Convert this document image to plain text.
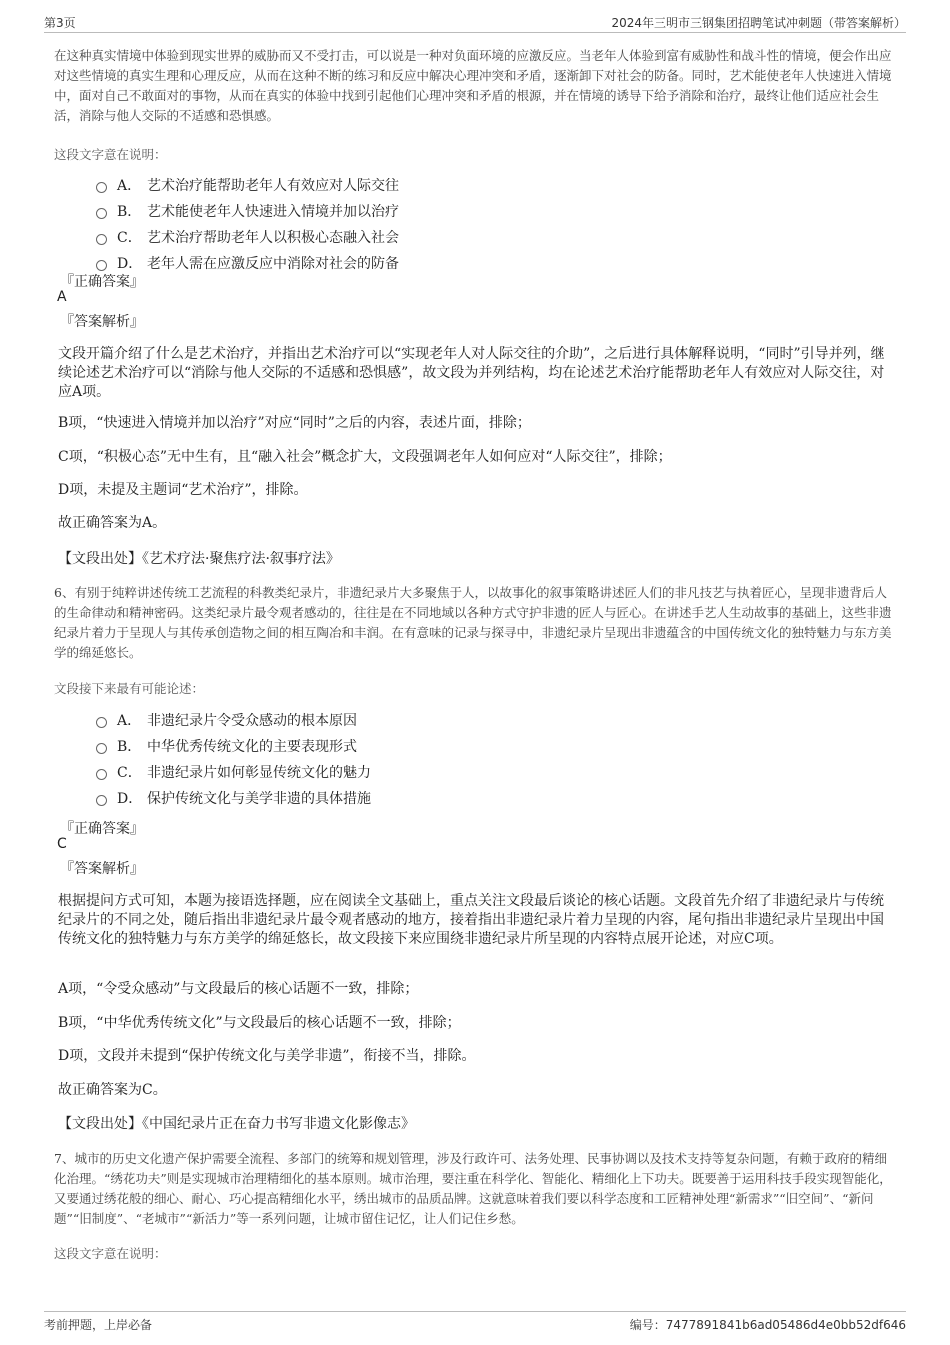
第3页	2024年三明市三钢集团招聘笔试冲刺题（带答案解析）

在这种真实情境中体验到现实世界的威胁而又不受打击，可以说是一种对负面环境的应激反应。当老年人体验到富有威胁性和战斗性的情境，便会作出应对这些情境的真实生理和心理反应，从而在这种不断的练习和反应中解决心理冲突和矛盾，逐渐卸下对社会的防备。同时，艺术能使老年人快速进入情境中，面对自己不敢面对的事物，从而在真实的体验中找到引起他们心理冲突和矛盾的根源，并在情境的诱导下给予消除和治疗，最终让他们适应社会生活，消除与他人交际的不适感和恐惧感。

这段文字意在说明：
A． 艺术治疗能帮助老年人有效应对人际交往
B． 艺术能使老年人快速进入情境并加以治疗
C． 艺术治疗帮助老年人以积极心态融入社会
D． 老年人需在应激反应中消除对社会的防备
『正确答案』
A
『答案解析』

文段开篇介绍了什么是艺术治疗，并指出艺术治疗可以“实现老年人对人际交往的介助”，之后进行具体解释说明，“同时”引导并列，继续论述艺术治疗可以“消除与他人交际的不适感和恐惧感”，故文段为并列结构，均在论述艺术治疗能帮助老年人有效应对人际交往，对应A项。

B项，“快速进入情境并加以治疗”对应“同时”之后的内容，表述片面，排除；

C项，“积极心态”无中生有，且“融入社会”概念扩大，文段强调老年人如何应对“人际交往”，排除；

D项，未提及主题词“艺术治疗”，排除。

故正确答案为A。

【文段出处】《艺术疗法·聚焦疗法·叙事疗法》

6、有别于纯粹讲述传统工艺流程的科教类纪录片，非遗纪录片大多聚焦于人，以故事化的叙事策略讲述匠人们的非凡技艺与执着匠心，呈现非遗背后人的生命律动和精神密码。这类纪录片最令观者感动的，往往是在不同地域以各种方式守护非遗的匠人与匠心。在讲述手艺人生动故事的基础上，这些非遗纪录片着力于呈现人与其传承创造物之间的相互陶冶和丰润。在有意味的记录与探寻中，非遗纪录片呈现出非遗蕴含的中国传统文化的独特魅力与东方美学的绵延悠长。

文段接下来最有可能论述：
A． 非遗纪录片令受众感动的根本原因
B． 中华优秀传统文化的主要表现形式
C． 非遗纪录片如何彰显传统文化的魅力
D． 保护传统文化与美学非遗的具体措施
『正确答案』
C
『答案解析』

根据提问方式可知，本题为接语选择题，应在阅读全文基础上，重点关注文段最后谈论的核心话题。文段首先介绍了非遗纪录片与传统纪录片的不同之处，随后指出非遗纪录片最令观者感动的地方，接着指出非遗纪录片着力呈现的内容，尾句指出非遗纪录片呈现出中国传统文化的独特魅力与东方美学的绵延悠长，故文段接下来应围绕非遗纪录片所呈现的内容特点展开论述，对应C项。

A项，“令受众感动”与文段最后的核心话题不一致，排除；

B项，“中华优秀传统文化”与文段最后的核心话题不一致，排除；

D项，文段并未提到“保护传统文化与美学非遗”，衔接不当，排除。

故正确答案为C。

【文段出处】《中国纪录片正在奋力书写非遗文化影像志》

7、城市的历史文化遗产保护需要全流程、多部门的统筹和规划管理，涉及行政许可、法务处理、民事协调以及技术支持等复杂问题，有赖于政府的精细化治理。“绣花功夫”则是实现城市治理精细化的基本原则。城市治理，要注重在科学化、智能化、精细化上下功夫。既要善于运用科技手段实现智能化，又要通过绣花般的细心、耐心、巧心提高精细化水平，绣出城市的品质品牌。这就意味着我们要以科学态度和工匠精神处理“新需求”“旧空间”、“新问题”“旧制度”、“老城市”“新活力”等一系列问题，让城市留住记忆，让人们记住乡愁。

这段文字意在说明：
考前押题，上岸必备	编号：7477891841b6ad05486d4e0bb52df646
